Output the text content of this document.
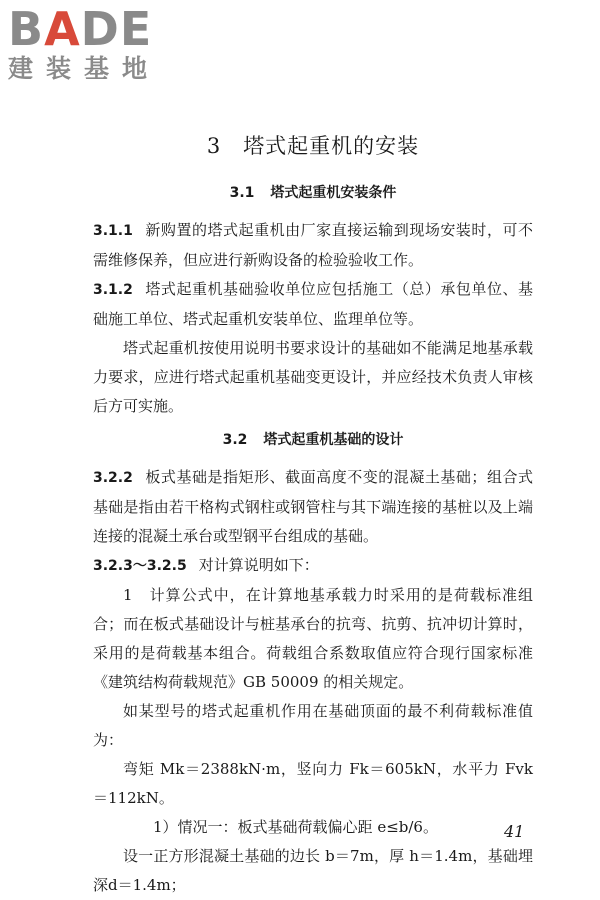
BADE
建装基地
3 塔式起重机的安装
3.1 塔式起重机安装条件

3.1.1 新购置的塔式起重机由厂家直接运输到现场安装时，可不需维修保养，但应进行新购设备的检验验收工作。

3.1.2 塔式起重机基础验收单位应包括施工（总）承包单位、基础施工单位、塔式起重机安装单位、监理单位等。

塔式起重机按使用说明书要求设计的基础如不能满足地基承载力要求，应进行塔式起重机基础变更设计，并应经技术负责人审核后方可实施。

3.2 塔式起重机基础的设计

3.2.2 板式基础是指矩形、截面高度不变的混凝土基础；组合式基础是指由若干格构式钢柱或钢管柱与其下端连接的基桩以及上端连接的混凝土承台或型钢平台组成的基础。

3.2.3～3.2.5 对计算说明如下：

1　计算公式中，在计算地基承载力时采用的是荷载标准组合；而在板式基础设计与桩基承台的抗弯、抗剪、抗冲切计算时，采用的是荷载基本组合。荷载组合系数取值应符合现行国家标准《建筑结构荷载规范》GB 50009 的相关规定。

如某型号的塔式起重机作用在基础顶面的最不利荷载标准值为：

弯矩 Mk＝2388kN·m，竖向力 Fk＝605kN，水平力 Fvk＝112kN。

1）情况一：板式基础荷载偏心距 e≤b/6。

设一正方形混凝土基础的边长 b＝7m，厚 h＝1.4m，基础埋深d＝1.4m；

41
